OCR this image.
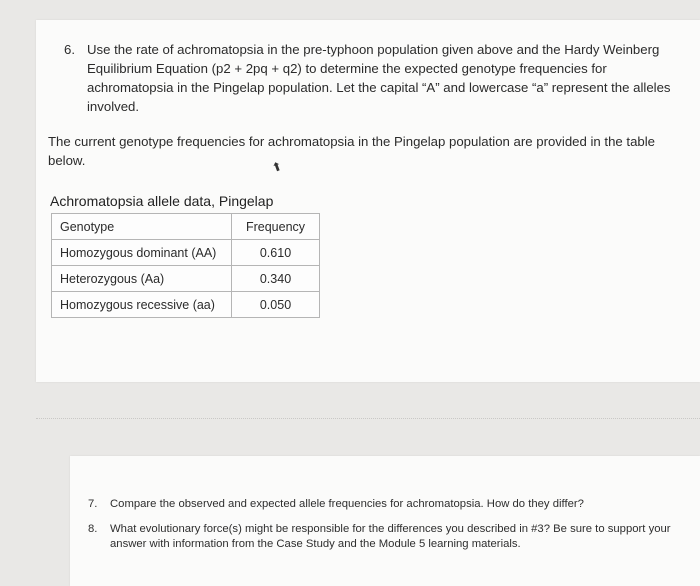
6. Use the rate of achromatopsia in the pre-typhoon population given above and the Hardy Weinberg Equilibrium Equation (p2 + 2pq + q2) to determine the expected genotype frequencies for achromatopsia in the Pingelap population. Let the capital “A” and lowercase “a” represent the alleles involved.
The current genotype frequencies for achromatopsia in the Pingelap population are provided in the table below.	⬆
Achromatopsia allele data, Pingelap
Genotype	Frequency
Homozygous dominant (AA)	0.610
Heterozygous (Aa)	0.340
Homozygous recessive (aa)	0.050
7. Compare the observed and expected allele frequencies for achromatopsia. How do they differ?
8. What evolutionary force(s) might be responsible for the differences you described in #3? Be sure to support your answer with information from the Case Study and the Module 5 learning materials.
